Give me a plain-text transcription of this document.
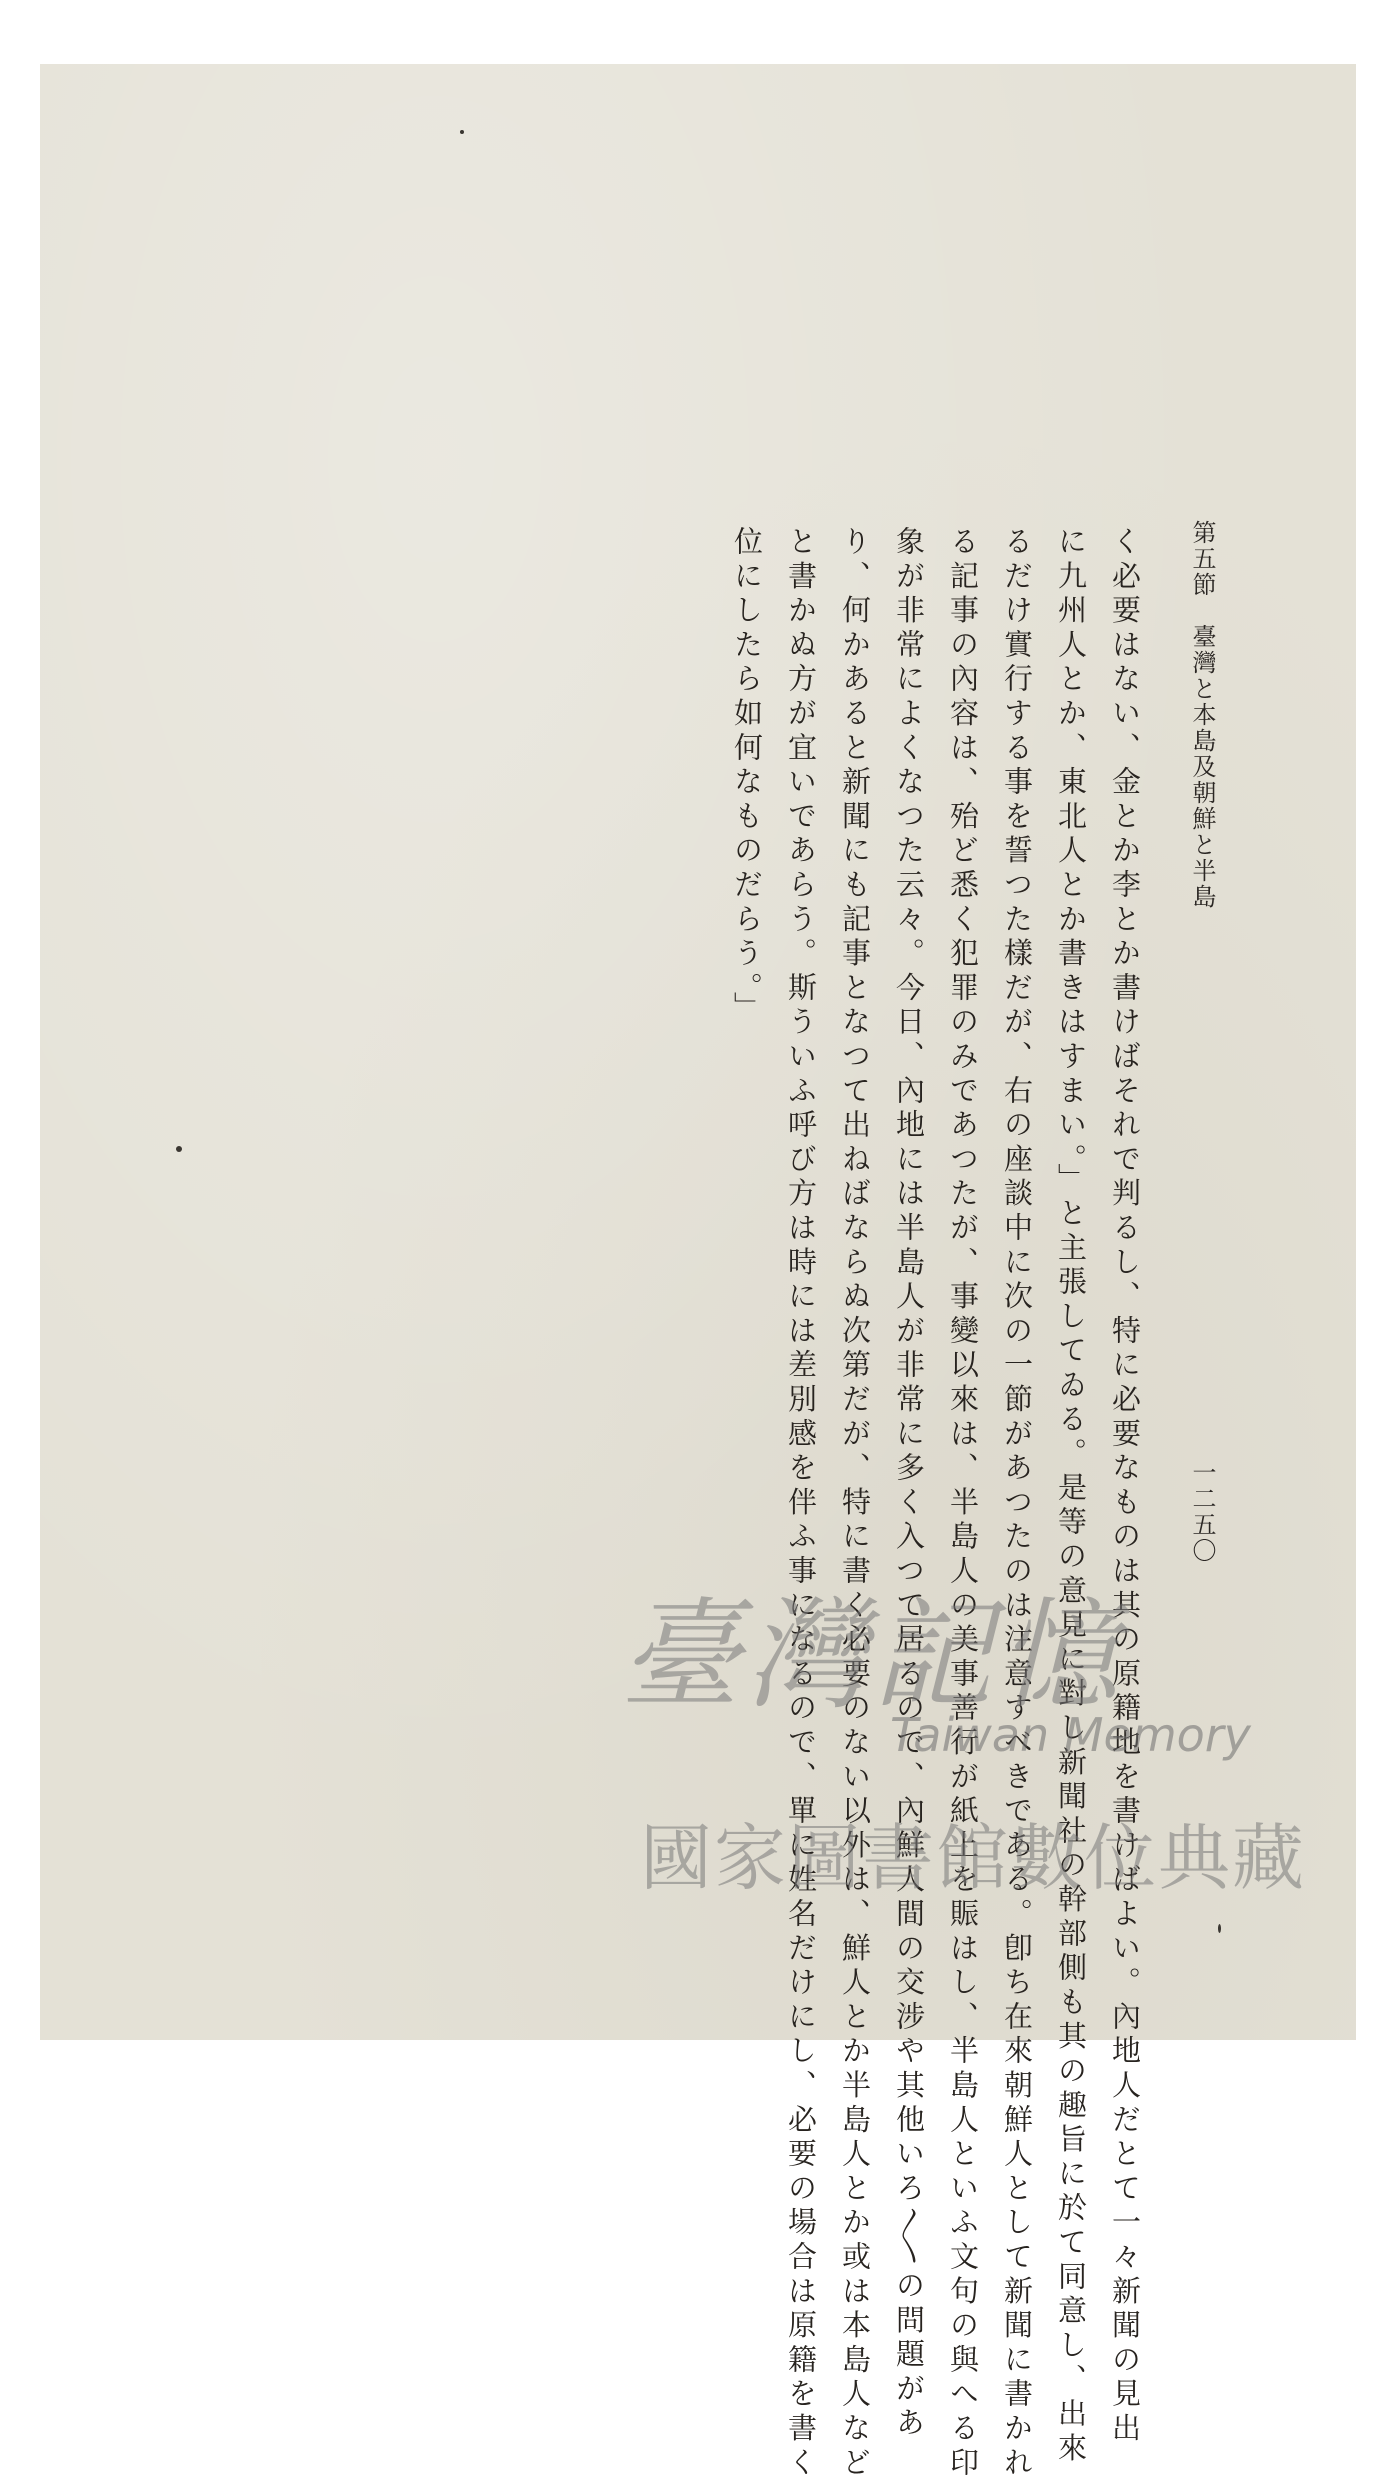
く必要はない、金とか李とか書けばそれで判るし、特に必要なものは其の原籍地を書けばよい。內地人だとて一々新聞の見出
に九州人とか、東北人とか書きはすまい。」と主張してゐる。是等の意見に對し新聞社の幹部側も其の趣旨に於て同意し、出來
るだけ實行する事を誓つた樣だが、右の座談中に次の一節があつたのは注意すべきである。卽ち在來朝鮮人として新聞に書かれ
る記事の內容は、殆ど悉く犯罪のみであつたが、事變以來は、半島人の美事善行が紙上を賑はし、半島人といふ文句の與へる印
象が非常によくなつた云々。今日、內地には半島人が非常に多く入つて居るので、內鮮人間の交涉や其他いろ〳〵の問題があ
り、何かあると新聞にも記事となつて出ねばならぬ次第だが、特に書く必要のない以外は、鮮人とか半島人とか或は本島人など
と書かぬ方が宜いであらう。斯ういふ呼び方は時には差別感を伴ふ事になるので、單に姓名だけにし、必要の場合は原籍を書く
位にしたら如何なものだらう。」	第五節　臺灣と本島及朝鮮と半島
一二五〇
臺灣記憶
Taiwan Memory
國家圖書館數位典藏
